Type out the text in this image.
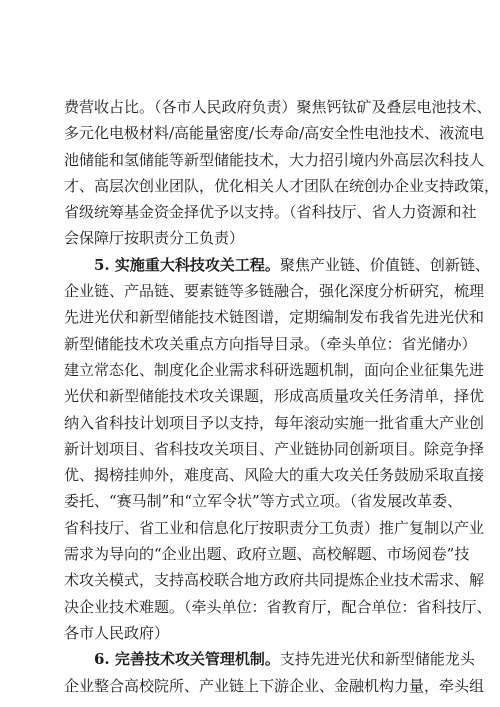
费营收占比。（各市人民政府负责）聚焦钙钛矿及叠层电池技术、
多元化电极材料/高能量密度/长寿命/高安全性电池技术、液流电
池储能和氢储能等新型储能技术，大力招引境内外高层次科技人
才、高层次创业团队，优化相关人才团队在统创办企业支持政策，
省级统筹基金资金择优予以支持。（省科技厅、省人力资源和社
会保障厅按职责分工负责）
5. 实施重大科技攻关工程。聚焦产业链、价值链、创新链、
企业链、产品链、要素链等多链融合，强化深度分析研究，梳理
先进光伏和新型储能技术链图谱，定期编制发布我省先进光伏和
新型储能技术攻关重点方向指导目录。（牵头单位：省光储办）
建立常态化、制度化企业需求科研选题机制，面向企业征集先进
光伏和新型储能技术攻关课题，形成高质量攻关任务清单，择优
纳入省科技计划项目予以支持，每年滚动实施一批省重大产业创
新计划项目、省科技攻关项目、产业链协同创新项目。除竞争择
优、揭榜挂帅外，难度高、风险大的重大攻关任务鼓励采取直接
委托、“赛马制”和“立军令状”等方式立项。（省发展改革委、
省科技厅、省工业和信息化厅按职责分工负责）推广复制以产业
需求为导向的“企业出题、政府立题、高校解题、市场阅卷”技
术攻关模式，支持高校联合地方政府共同提炼企业技术需求、解
决企业技术难题。（牵头单位：省教育厅，配合单位：省科技厅、
各市人民政府）
6. 完善技术攻关管理机制。支持先进光伏和新型储能龙头
企业整合高校院所、产业链上下游企业、金融机构力量，牵头组
